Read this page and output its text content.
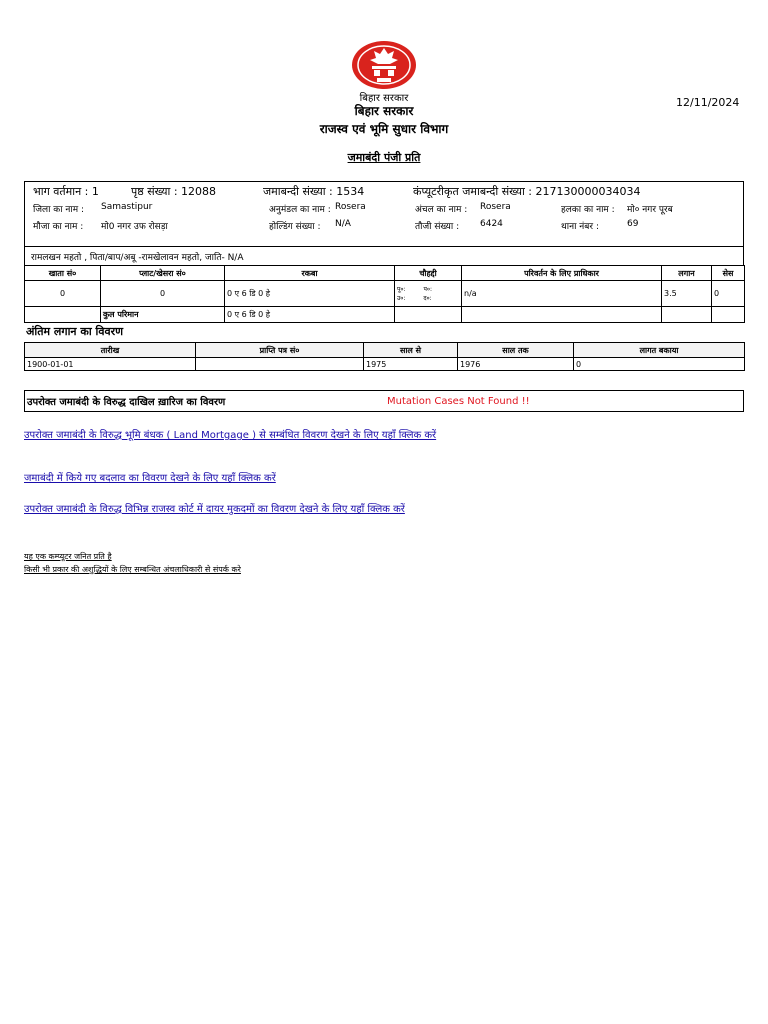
बिहार सरकार
बिहार सरकार
राजस्व एवं भूमि सुधार विभाग
12/11/2024
जमाबंदी पंजी प्रति
भाग वर्तमान : 1	पृष्ठ संख्या : 12088	जमाबन्दी संख्या : 1534	कंप्यूटरीकृत जमाबन्दी संख्या : 217130000034034
जिला का नाम : Samastipur	अनुमंडल का नाम : Rosera	अंचल का नाम : Rosera	हलका का नाम : मो० नगर पूरब
मौजा का नाम : मो0 नगर उफ रोसड़ा	होल्डिंग संख्या : N/A	तौजी संख्या : 6424	थाना नंबर :	69
रामलखन महतो , पिता/बाप/अबू -रामखेलावन महतो, जाति- N/A
खाता सं०	प्लाट/खेसरा सं०	रकबा	चौहद्दी	परिवर्तन के लिए प्राधिकार	लगान	सेस
0	0	0 ए 6 डि 0 हे	पू०: प०:
उ०: द०:	n/a	3.5	0
	कुल परिमान	0 ए 6 डि 0 हे				
अंतिम लगान का विवरण
तारीख	प्राप्ति पत्र सं०	साल से	साल तक	लागत बकाया
1900-01-01		1975	1976	0
उपरोक्त जमाबंदी के विरुद्ध दाखिल ख़ारिज का विवरण	Mutation Cases Not Found !!
उपरोक्त जमाबंदी के विरुद्ध भूमि बंधक ( Land Mortgage ) से सम्बंधित विवरण देखने के लिए यहाँ क्लिक करें
जमाबंदी में किये गए बदलाव का विवरण देखने के लिए यहाँ क्लिक करें
उपरोक्त जमाबंदी के विरुद्ध विभिन्न राजस्व कोर्ट में दायर मुकदमों का विवरण देखने के लिए यहाँ क्लिक करें
यह एक कम्प्यूटर जनित प्रति है
किसी भी प्रकार की अशुद्धियों के लिए सम्बन्धित अंचलाधिकारी से संपर्क करे
